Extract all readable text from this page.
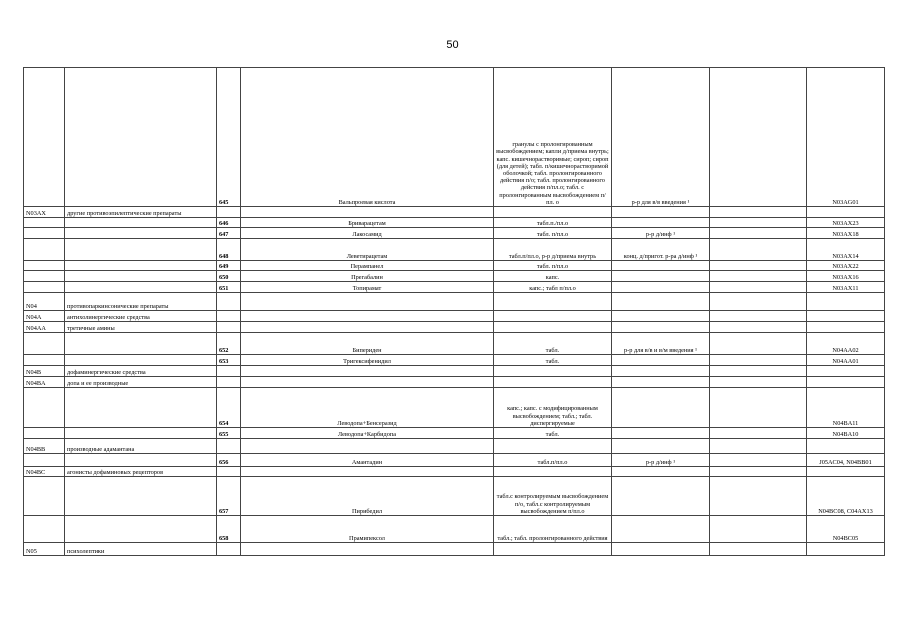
50
		645	Вальпроевая кислота	гранулы с пролонгированным высвобождением; капли д/приема внутрь; капс. кишечнорастворимые; сироп; сироп (для детей); табл. п/кишечнорастворимой оболочкой; табл. пролонгированного действия п/о; табл. пролонгированного действия п/пл.о; табл. с пролонгированным высвобождением п/пл. о	р-р для в/в введения ¹		N03AG01
N03AX	другие противоэпилептические препараты						
		646	Бриварацетам	табл.п./пл.о			N03AX23
		647	Лакосамид	табл. п/пл.о	р-р д/инф ¹		N03AX18
		648	Леветирацетам	табл.п/пл.о, р-р д/приема внутрь	конц. д/пригот. р-ра д/инф ¹		N03AX14
		649	Перампанел	табл. п/пл.о			N03AX22
		650	Прегабалин	капс.			N03AX16
		651	Топирамат	капс.; табл п/пл.о			N03AX11
N04	противопаркинсонические препараты						
N04A	антихолинергические средства						
N04AA	третичные амины						
		652	Бипериден	табл.	р-р для в/в и в/м введения ¹		N04AA02
		653	Тригексифенидил	табл.			N04AA01
N04B	дофаминергические средства						
N04BA	допа и ее производные						
		654	Леводопа+Бенсеразид	капс.; капс. с модифицированным высвобождением; табл.; табл. диспергируемые			N04BA11
		655	Леводопа+Карбидопа	табл.			N04BA10
N04BB	производные адамантана						
		656	Амантадин	табл.п/пл.о	р-р д/инф ¹		J05AC04, N04BB01
N04BC	агонисты дофаминовых рецепторов						
		657	Пирибедил	табл.с контролируемым высвобождением п/о, табл.с контролируемым высвобождением п/пл.о			N04BC08, C04AX13
		658	Прамипексол	табл.; табл. пролонгированного действия			N04BC05
N05	психолептики						
